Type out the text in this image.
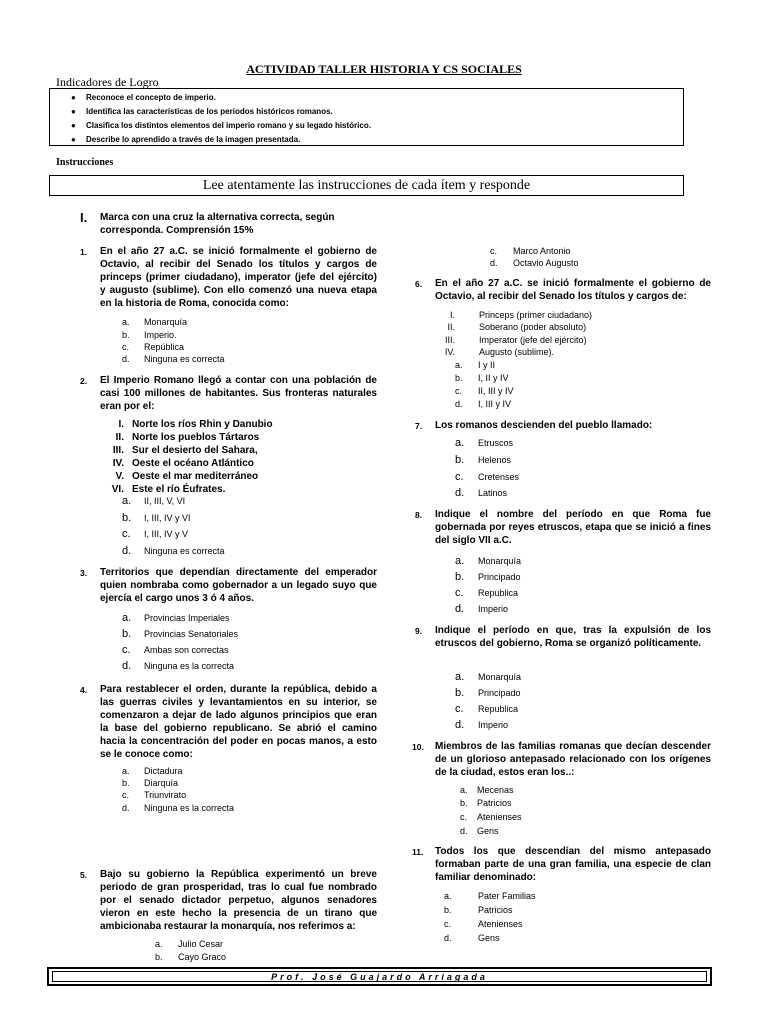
ACTIVIDAD TALLER HISTORIA Y CS SOCIALES
Indicadores de Logro
● Reconoce el concepto de imperio.
● Identifica las características de los periodos históricos romanos.
● Clasifica los distintos elementos del imperio romano y su legado histórico.
● Describe lo aprendido a través de la imagen presentada.
Instrucciones
Lee atentamente las instrucciones de cada ítem y responde
I. Marca con una cruz la alternativa correcta, según corresponda. Comprensión 15%
1. En el año 27 a.C. se inició formalmente el gobierno de Octavio, al recibir del Senado los títulos y cargos de princeps (primer ciudadano), imperator (jefe del ejército) y augusto (sublime). Con ello comenzó una nueva etapa en la historia de Roma, conocida como:
a. Monarquía
b. Imperio.
c. República
d. Ninguna es correcta
2. El Imperio Romano llegó a contar con una población de casi 100 millones de habitantes. Sus fronteras naturales eran por el:
I. Norte los ríos Rhin y Danubio
II. Norte los pueblos Tártaros
III. Sur el desierto del Sahara,
IV. Oeste el océano Atlántico
V. Oeste el mar mediterráneo
VI. Este el río Éufrates.
a. II, III, V, VI
b. I, III, IV y VI
c. I, III, IV y V
d. Ninguna es correcta
3. Territorios que dependían directamente del emperador quien nombraba como gobernador a un legado suyo que ejercía el cargo unos 3 ó 4 años.
a. Provincias Imperiales
b. Provincias Senatoriales
c. Ambas son correctas
d. Ninguna es la correcta
4. Para restablecer el orden, durante la república, debido a las guerras civiles y levantamientos en su interior, se comenzaron a dejar de lado algunos principios que eran la base del gobierno republicano. Se abrió el camino hacia la concentración del poder en pocas manos, a esto se le conoce como:
a. Dictadura
b. Diarquía
c. Triunvirato
d. Ninguna es la correcta
5. Bajo su gobierno la República experimentó un breve periodo de gran prosperidad, tras lo cual fue nombrado por el senado dictador perpetuo, algunos senadores vieron en este hecho la presencia de un tirano que ambicionaba restaurar la monarquía, nos referimos a:
a. Julio Cesar
b. Cayo Graco
c. Marco Antonio
d. Octavio Augusto
6. En el año 27 a.C. se inició formalmente el gobierno de Octavio, al recibir del Senado los títulos y cargos de:
I.	Princeps (primer ciudadano)
II.	Soberano (poder absoluto)
III.	Imperator (jefe del ejército)
IV.	Augusto (sublime).
a. I y II
b. I, II y IV
c. II, III y IV
d. I, III y IV
7. Los romanos descienden del pueblo llamado:
a. Etruscos
b. Helenos
c. Cretenses
d. Latinos
8. Indique el nombre del período en que Roma fue gobernada por reyes etruscos, etapa que se inició a fines del siglo VII a.C.
a. Monarquía
b. Principado
c. Republica
d. Imperio
9. Indique el período en que, tras la expulsión de los etruscos del gobierno, Roma se organizó políticamente.
a. Monarquía
b. Principado
c. Republica
d. Imperio
10. Miembros de las familias romanas que decían descender de un glorioso antepasado relacionado con los orígenes de la ciudad, estos eran los..:
a. Mecenas
b. Patricios
c. Atenienses
d. Gens
11. Todos los que descendían del mismo antepasado formaban parte de una gran familia, una especie de clan familiar denominado:
a.	Pater Familias
b.	Patricios
c.	Atenienses
d.	Gens
Prof. José Guajardo Arriagada
